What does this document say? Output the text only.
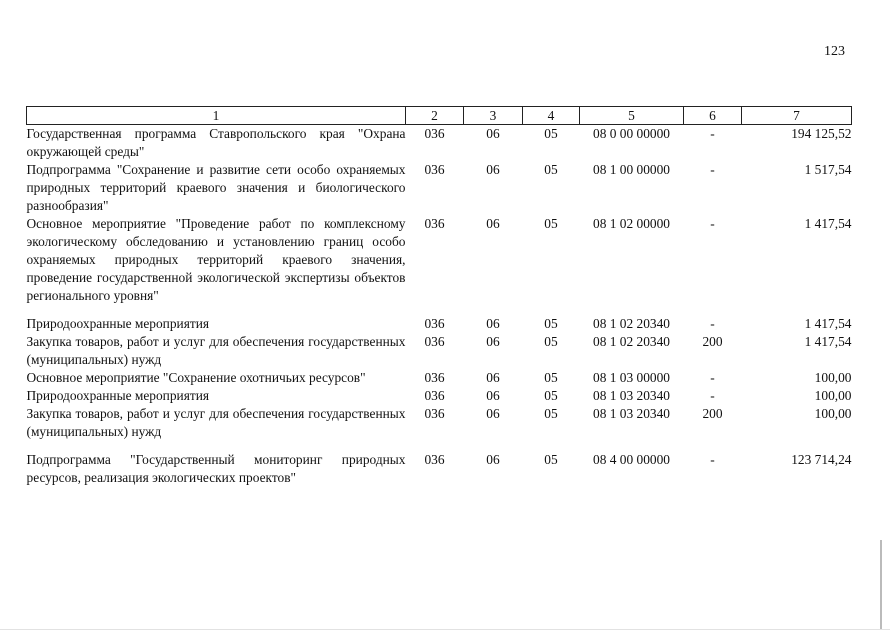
123
1	2	3	4	5	6	7
Государственная программа Ставропольского края "Охрана окружающей среды"	036	06	05	08 0 00 00000	-	194 125,52
Подпрограмма "Сохранение и развитие сети особо охраняемых природных территорий краевого значения и биологического разнообразия"	036	06	05	08 1 00 00000	-	1 517,54
Основное мероприятие "Проведение работ по комплексному экологическому обследованию и установлению границ особо охраняемых природных территорий краевого значения, проведение государственной экологической экспертизы объектов регионального уровня"	036	06	05	08 1 02 00000	-	1 417,54

Природоохранные мероприятия	036	06	05	08 1 02 20340	-	1 417,54
Закупка товаров, работ и услуг для обеспечения государственных (муниципальных) нужд	036	06	05	08 1 02 20340	200	1 417,54
Основное мероприятие "Сохранение охотничьих ресурсов"	036	06	05	08 1 03 00000	-	100,00
Природоохранные мероприятия	036	06	05	08 1 03 20340	-	100,00
Закупка товаров, работ и услуг для обеспечения государственных (муниципальных) нужд	036	06	05	08 1 03 20340	200	100,00

Подпрограмма "Государственный мониторинг природных ресурсов, реализация экологических проектов"	036	06	05	08 4 00 00000	-	123 714,24
